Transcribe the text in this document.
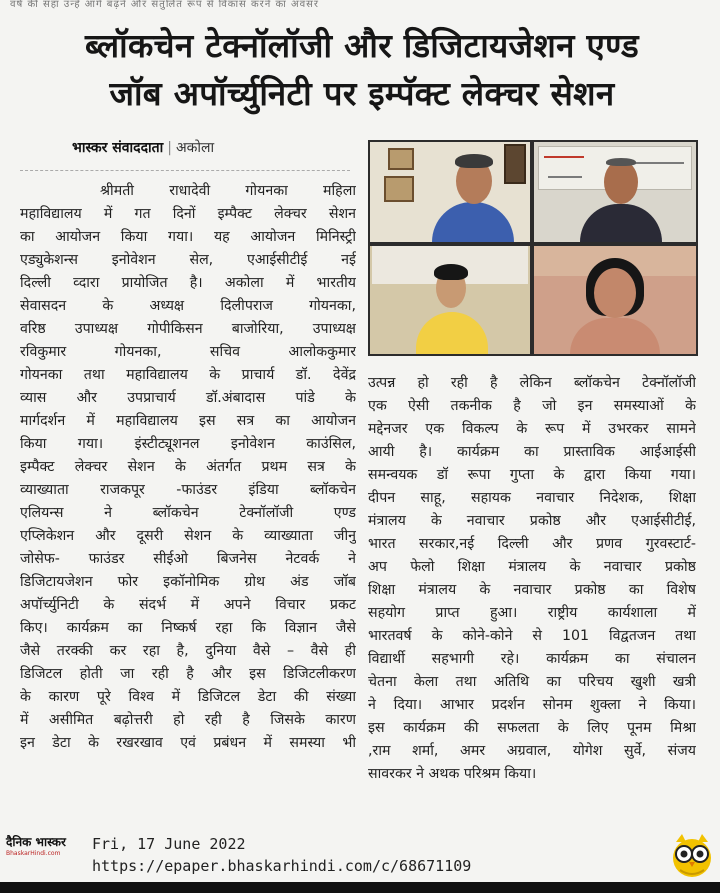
वर्ष की सहा उन्हें आगे बढ़ने और संतुलित रूप से विकास करने का अवसर
ब्लॉकचेन टेक्नॉलॉजी और डिजिटायजेशन एण्ड
जॉब अपॉर्च्युनिटी पर इम्पॅक्ट लेक्चर सेशन
भास्कर संवाददाता | अकोला
श्रीमती राधादेवी गोयनका महिला
महाविद्यालय में गत दिनों इम्पैक्ट लेक्चर सेशन
का आयोजन किया गया। यह आयोजन मिनिस्ट्री
एड्युकेशन्स इनोवेशन सेल, एआईसीटीई नई
दिल्ली व्दारा प्रायोजित है। अकोला में भारतीय
सेवासदन के अध्यक्ष दिलीपराज गोयनका,
वरिष्ठ उपाध्यक्ष गोपीकिसन बाजोरिया, उपाध्यक्ष
रविकुमार गोयनका, सचिव आलोककुमार
गोयनका तथा महाविद्यालय के प्राचार्य डॉ. देवेंद्र
व्यास और उपप्राचार्य डॉ.अंबादास पांडे के
मार्गदर्शन में महाविद्यालय इस सत्र का आयोजन
किया गया। इंस्टीट्यूशनल इनोवेशन काउंसिल,
इम्पैक्ट लेक्चर सेशन के अंतर्गत प्रथम सत्र के
व्याख्याता राजकपूर -फाउंडर इंडिया ब्लॉकचेन
एलियन्स ने ब्लॉकचेन टेक्नॉलॉजी एण्ड
एप्लिकेशन और दूसरी सेशन के व्याख्याता जीनु
जोसेफ- फाउंडर सीईओ बिजनेस नेटवर्क ने
डिजिटायजेशन फोर इकॉनोमिक ग्रोथ अंड जॉब
अपॉर्च्युनिटी के संदर्भ में अपने विचार प्रकट
किए। कार्यक्रम का निष्कर्ष रहा कि विज्ञान जैसे
जैसे तरक्की कर रहा है, दुनिया वैसे – वैसे ही
डिजिटल होती जा रही है और इस डिजिटलीकरण
के कारण पूरे विश्व में डिजिटल डेटा की संख्या
में असीमित बढ़ोत्तरी हो रही है जिसके कारण
इन डेटा के रखरखाव एवं प्रबंधन में समस्या भी
उत्पन्न हो रही है लेकिन ब्लॉकचेन टेक्नॉलॉजी
एक ऐसी तकनीक है जो इन समस्याओं के
मद्देनजर एक विकल्प के रूप में उभरकर सामने
आयी है। कार्यक्रम का प्रास्ताविक आईआईसी
समन्वयक डॉ रूपा गुप्ता के द्वारा किया गया।
दीपन साहू, सहायक नवाचार निदेशक, शिक्षा
मंत्रालय के नवाचार प्रकोष्ठ और एआईसीटीई,
भारत सरकार,नई दिल्ली और प्रणव गुरवस्टार्ट-
अप फेलो शिक्षा मंत्रालय के नवाचार प्रकोष्ठ
शिक्षा मंत्रालय के नवाचार प्रकोष्ठ का विशेष
सहयोग प्राप्त हुआ। राष्ट्रीय कार्यशाला में
भारतवर्ष के कोने-कोने से 101 विद्वतजन तथा
विद्यार्थी सहभागी रहे। कार्यक्रम का संचालन
चेतना केला तथा अतिथि का परिचय खुशी खत्री
ने दिया। आभार प्रदर्शन सोनम शुक्ला ने किया।
इस कार्यक्रम की सफलता के लिए पूनम मिश्रा
,राम शर्मा, अमर अग्रवाल, योगेश सुर्वे, संजय
सावरकर ने अथक परिश्रम किया।
दैनिक भास्कर
BhaskarHindi.com
Fri, 17 June 2022
https://epaper.bhaskarhindi.com/c/68671109
